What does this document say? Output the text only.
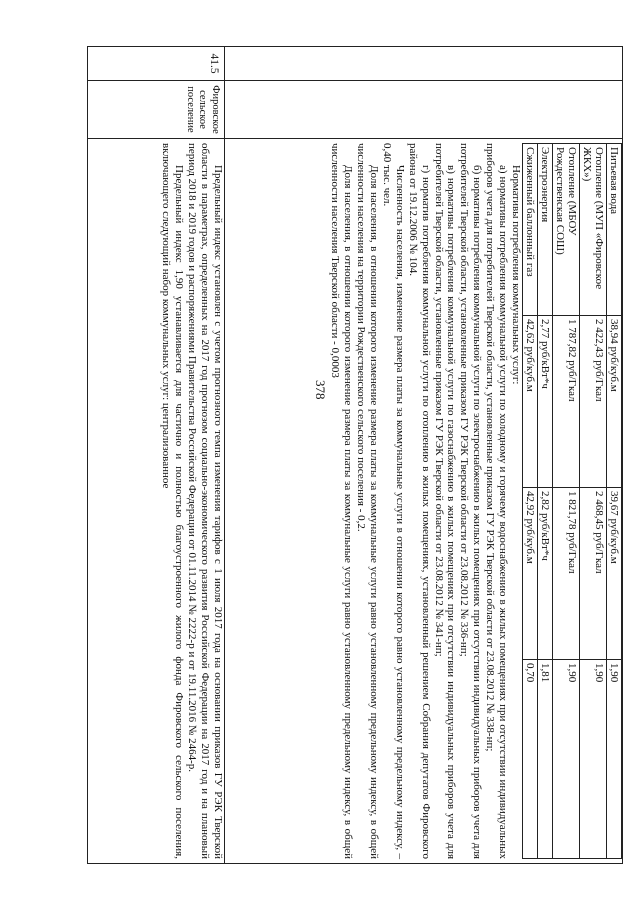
378

Питьевая вода	38,94 руб/куб.м	39,67 руб/куб.м	1,90
Отопление (МУП «Фировское ЖКХ»)	2 422,43 руб/Гкал	2 468,45 руб/Гкал	1,90
Отопление (МБОУ Рождественская СОШ)	1 787,82 руб/Гкал	1 821,78 руб/Гкал	1,90
Электроэнергия	2,77 руб/кВт*ч	2,82 руб/кВт*ч	1,81
Сжиженный баллонный газ	42,62 руб/куб.м	42,92 руб/куб.м	0,70

Нормативы потребления коммунальных услуг:

а) нормативы потребления коммунальной услуги по холодному и горячему водоснабжению в жилых помещениях при отсутствии индивидуальных приборов учета для потребителей Тверской области, установленные приказом ГУ РЭК Тверской области от 23.08.2012 № 338-нп;

б) нормативы потребления коммунальной услуги по электроснабжению в жилых помещениях при отсутствии индивидуальных приборов учета для потребителей Тверской области, установленные приказом ГУ РЭК Тверской области от 23.08.2012 № 336-нп;

в) нормативы потребления коммунальной услуги по газоснабжению в жилых помещениях при отсутствии индивидуальных приборов учета для потребителей Тверской области, установленные приказом ГУ РЭК Тверской области от 23.08.2012 № 341-нп;

г) норматив потребления коммунальной услуги по отоплению в жилых помещениях, установленный решением Собрания депутатов Фировского района от 19.12.2006 № 104.

Численность населения, изменение размера платы за коммунальные услуги в отношении которого равно установленному предельному индексу, – 0,40 тыс. чел.

Доля населения, в отношении которого изменение размера платы за коммунальные услуги равно установленному предельному индексу, в общей численности населения на территории Рождественского сельского поселения - 0,2.

Доля населения, в отношении которого изменение размера платы за коммунальные услуги равно установленному предельному индексу, в общей численности населения Тверской области - 0,0003

41.5	Фировское сельское поселение	

Предельный индекс установлен с учетом прогнозного темпа изменения тарифов с 1 июля 2017 года на основании приказов ГУ РЭК Тверской области в параметрах, определенных на 2017 год прогнозом социально-экономического развития Российской Федерации на 2017 год и на плановый период 2018 и 2019 годов и распоряжениями Правительства Российской Федерации от 01.11.2014 № 2222-р и от 19.11.2016 № 2464-р.

Предельный индекс 1,90 устанавливается для частично и полностью благоустроенного жилого фонда Фировского сельского поселения, включающего следующий набор коммунальных услуг: централизованное
